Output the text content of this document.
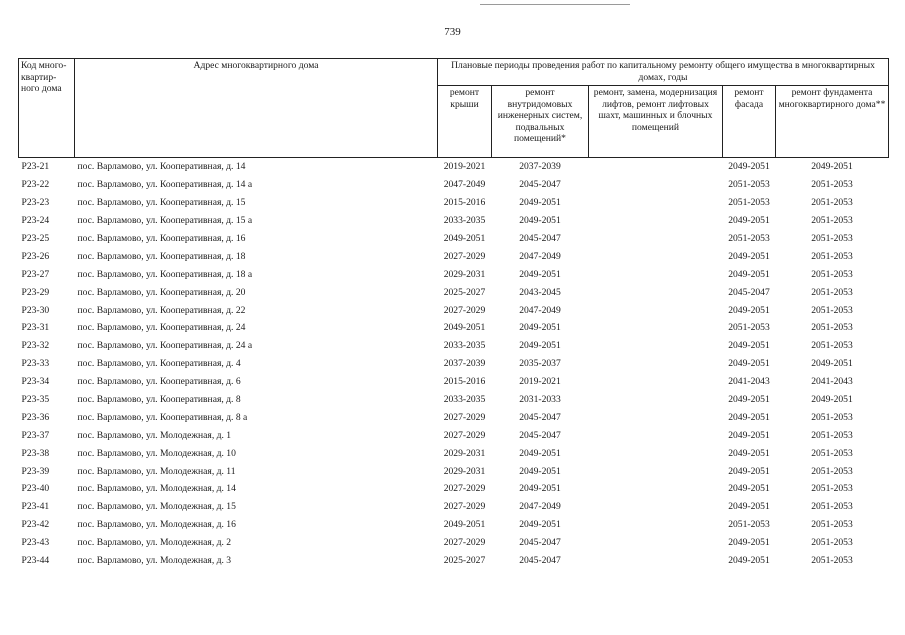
739
Код много-квартир-ного дома	Адрес многоквартирного дома	Плановые периоды проведения работ по капитальному ремонту общего имущества в многоквартирных домах, годы				
		ремонт крыши	ремонт внутридомовых инженерных систем, подвальных помещений*	ремонт, замена, модернизация лифтов, ремонт лифтовых шахт, машинных и блочных помещений	ремонт фасада	ремонт фундамента многоквартирного дома**
P23-21	пос. Варламово, ул. Кооперативная, д. 14	2019-2021	2037-2039		2049-2051	2049-2051
P23-22	пос. Варламово, ул. Кооперативная, д. 14 а	2047-2049	2045-2047		2051-2053	2051-2053
P23-23	пос. Варламово, ул. Кооперативная, д. 15	2015-2016	2049-2051		2051-2053	2051-2053
P23-24	пос. Варламово, ул. Кооперативная, д. 15 а	2033-2035	2049-2051		2049-2051	2051-2053
P23-25	пос. Варламово, ул. Кооперативная, д. 16	2049-2051	2045-2047		2051-2053	2051-2053
P23-26	пос. Варламово, ул. Кооперативная, д. 18	2027-2029	2047-2049		2049-2051	2051-2053
P23-27	пос. Варламово, ул. Кооперативная, д. 18 а	2029-2031	2049-2051		2049-2051	2051-2053
P23-29	пос. Варламово, ул. Кооперативная, д. 20	2025-2027	2043-2045		2045-2047	2051-2053
P23-30	пос. Варламово, ул. Кооперативная, д. 22	2027-2029	2047-2049		2049-2051	2051-2053
P23-31	пос. Варламово, ул. Кооперативная, д. 24	2049-2051	2049-2051		2051-2053	2051-2053
P23-32	пос. Варламово, ул. Кооперативная, д. 24 а	2033-2035	2049-2051		2049-2051	2051-2053
P23-33	пос. Варламово, ул. Кооперативная, д. 4	2037-2039	2035-2037		2049-2051	2049-2051
P23-34	пос. Варламово, ул. Кооперативная, д. 6	2015-2016	2019-2021		2041-2043	2041-2043
P23-35	пос. Варламово, ул. Кооперативная, д. 8	2033-2035	2031-2033		2049-2051	2049-2051
P23-36	пос. Варламово, ул. Кооперативная, д. 8 а	2027-2029	2045-2047		2049-2051	2051-2053
P23-37	пос. Варламово, ул. Молодежная, д. 1	2027-2029	2045-2047		2049-2051	2051-2053
P23-38	пос. Варламово, ул. Молодежная, д. 10	2029-2031	2049-2051		2049-2051	2051-2053
P23-39	пос. Варламово, ул. Молодежная, д. 11	2029-2031	2049-2051		2049-2051	2051-2053
P23-40	пос. Варламово, ул. Молодежная, д. 14	2027-2029	2049-2051		2049-2051	2051-2053
P23-41	пос. Варламово, ул. Молодежная, д. 15	2027-2029	2047-2049		2049-2051	2051-2053
P23-42	пос. Варламово, ул. Молодежная, д. 16	2049-2051	2049-2051		2051-2053	2051-2053
P23-43	пос. Варламово, ул. Молодежная, д. 2	2027-2029	2045-2047		2049-2051	2051-2053
P23-44	пос. Варламово, ул. Молодежная, д. 3	2025-2027	2045-2047		2049-2051	2051-2053
